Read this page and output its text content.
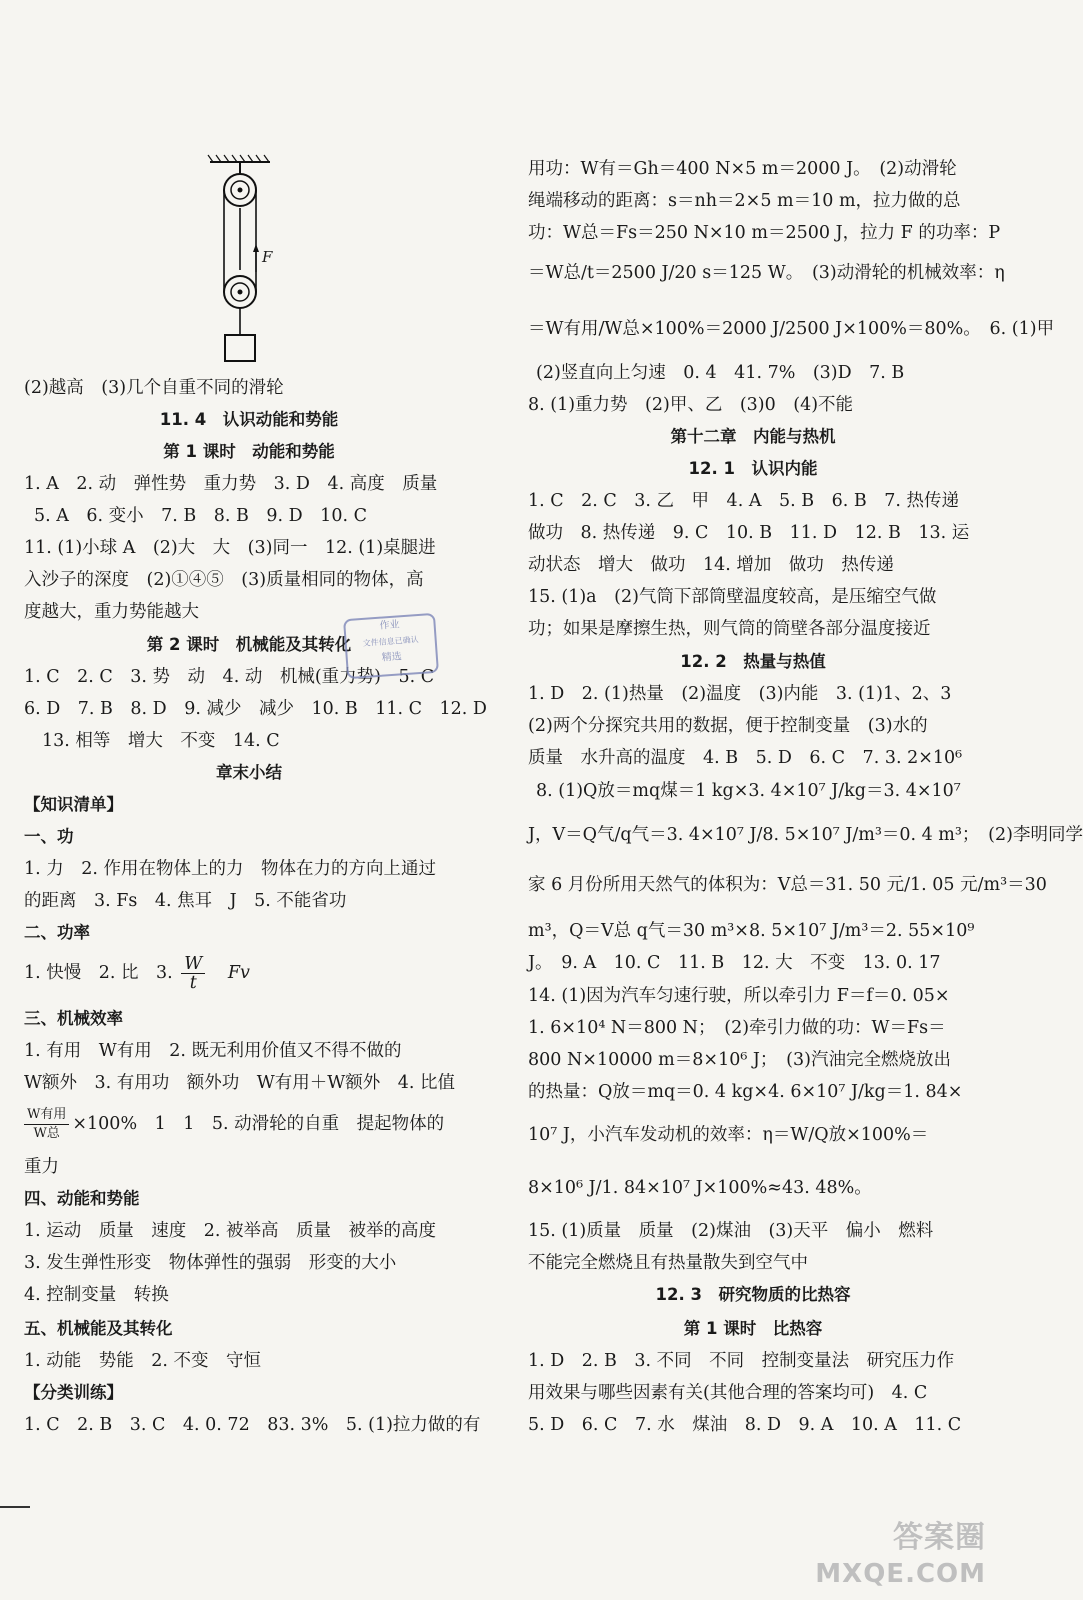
F
(2)越高　(3)几个自重不同的滑轮
11. 4　认识动能和势能
第 1 课时　动能和势能
1. A　2. 动　弹性势　重力势　3. D　4. 高度　质量
5. A　6. 变小　7. B　8. B　9. D　10. C
11. (1)小球 A　(2)大　大　(3)同一　12. (1)桌腿进
入沙子的深度　(2)①④⑤　(3)质量相同的物体，高
度越大，重力势能越大
第 2 课时　机械能及其转化
1. C　2. C　3. 势　动　4. 动　机械(重力势)　5. C
6. D　7. B　8. D　9. 减少　减少　10. B　11. C　12. D
13. 相等　增大　不变　14. C
章末小结
【知识清单】
一、功
1. 力　2. 作用在物体上的力　物体在力的方向上通过
的距离　3. Fs　4. 焦耳　J　5. 不能省功
二、功率
1. 快慢　2. 比　3. $\frac{W}{t}$ Fv
三、机械效率
1. 有用　W有用　2. 既无利用价值又不得不做的
W额外　3. 有用功　额外功　W有用＋W额外　4. 比值
$\frac{\text{W有用}}{\text{W总}} \times 100\%$　1　1　5. 动滑轮的自重　提起物体的
重力
四、动能和势能
1. 运动　质量　速度　2. 被举高　质量　被举的高度
3. 发生弹性形变　物体弹性的强弱　形变的大小
4. 控制变量　转换
五、机械能及其转化
1. 动能　势能　2. 不变　守恒
【分类训练】
1. C　2. B　3. C　4. 0. 72　83. 3%　5. (1)拉力做的有
作业
文件信息已确认
精选
用功：W有＝Gh＝400 N×5 m＝2000 J。　(2)动滑轮
绳端移动的距离：s＝nh＝2×5 m＝10 m，拉力做的总
功：W总＝Fs＝250 N×10 m＝2500 J，拉力 F 的功率：P
＝W总/t＝2500 J/20 s＝125 W。　(3)动滑轮的机械效率：η
＝W有用/W总×100%＝2000 J/2500 J×100%＝80%。　6. (1)甲
(2)竖直向上匀速　0. 4　41. 7%　(3)D　7. B
8. (1)重力势　(2)甲、乙　(3)0　(4)不能
第十二章　内能与热机
12. 1　认识内能
1. C　2. C　3. 乙　甲　4. A　5. B　6. B　7. 热传递
做功　8. 热传递　9. C　10. B　11. D　12. B　13. 运
动状态　增大　做功　14. 增加　做功　热传递
15. (1)a　(2)气筒下部筒壁温度较高，是压缩空气做
功；如果是摩擦生热，则气筒的筒壁各部分温度接近
12. 2　热量与热值
1. D　2. (1)热量　(2)温度　(3)内能　3. (1)1、2、3
(2)两个分探究共用的数据，便于控制变量　(3)水的
质量　水升高的温度　4. B　5. D　6. C　7. 3. 2×10⁶
8. (1)Q放＝mq煤＝1 kg×3. 4×10⁷ J/kg＝3. 4×10⁷
J，V＝Q气/q气＝3. 4×10⁷ J/8. 5×10⁷ J/m³＝0. 4 m³；　(2)李明同学
家 6 月份所用天然气的体积为：V总＝31. 50 元/1. 05 元/m³＝30
m³，Q＝V总 q气＝30 m³×8. 5×10⁷ J/m³＝2. 55×10⁹
J。　9. A　10. C　11. B　12. 大　不变　13. 0. 17
14. (1)因为汽车匀速行驶，所以牵引力 F＝f＝0. 05×
1. 6×10⁴ N＝800 N；　(2)牵引力做的功：W＝Fs＝
800 N×10000 m＝8×10⁶ J；　(3)汽油完全燃烧放出
的热量：Q放＝mq＝0. 4 kg×4. 6×10⁷ J/kg＝1. 84×
10⁷ J，小汽车发动机的效率：η＝W/Q放×100%＝
8×10⁶ J/1. 84×10⁷ J×100%≈43. 48%。
15. (1)质量　质量　(2)煤油　(3)天平　偏小　燃料
不能完全燃烧且有热量散失到空气中
12. 3　研究物质的比热容
第 1 课时　比热容
1. D　2. B　3. 不同　不同　控制变量法　研究压力作
用效果与哪些因素有关(其他合理的答案均可)　4. C
5. D　6. C　7. 水　煤油　8. D　9. A　10. A　11. C
答案圈
MXQE.COM
